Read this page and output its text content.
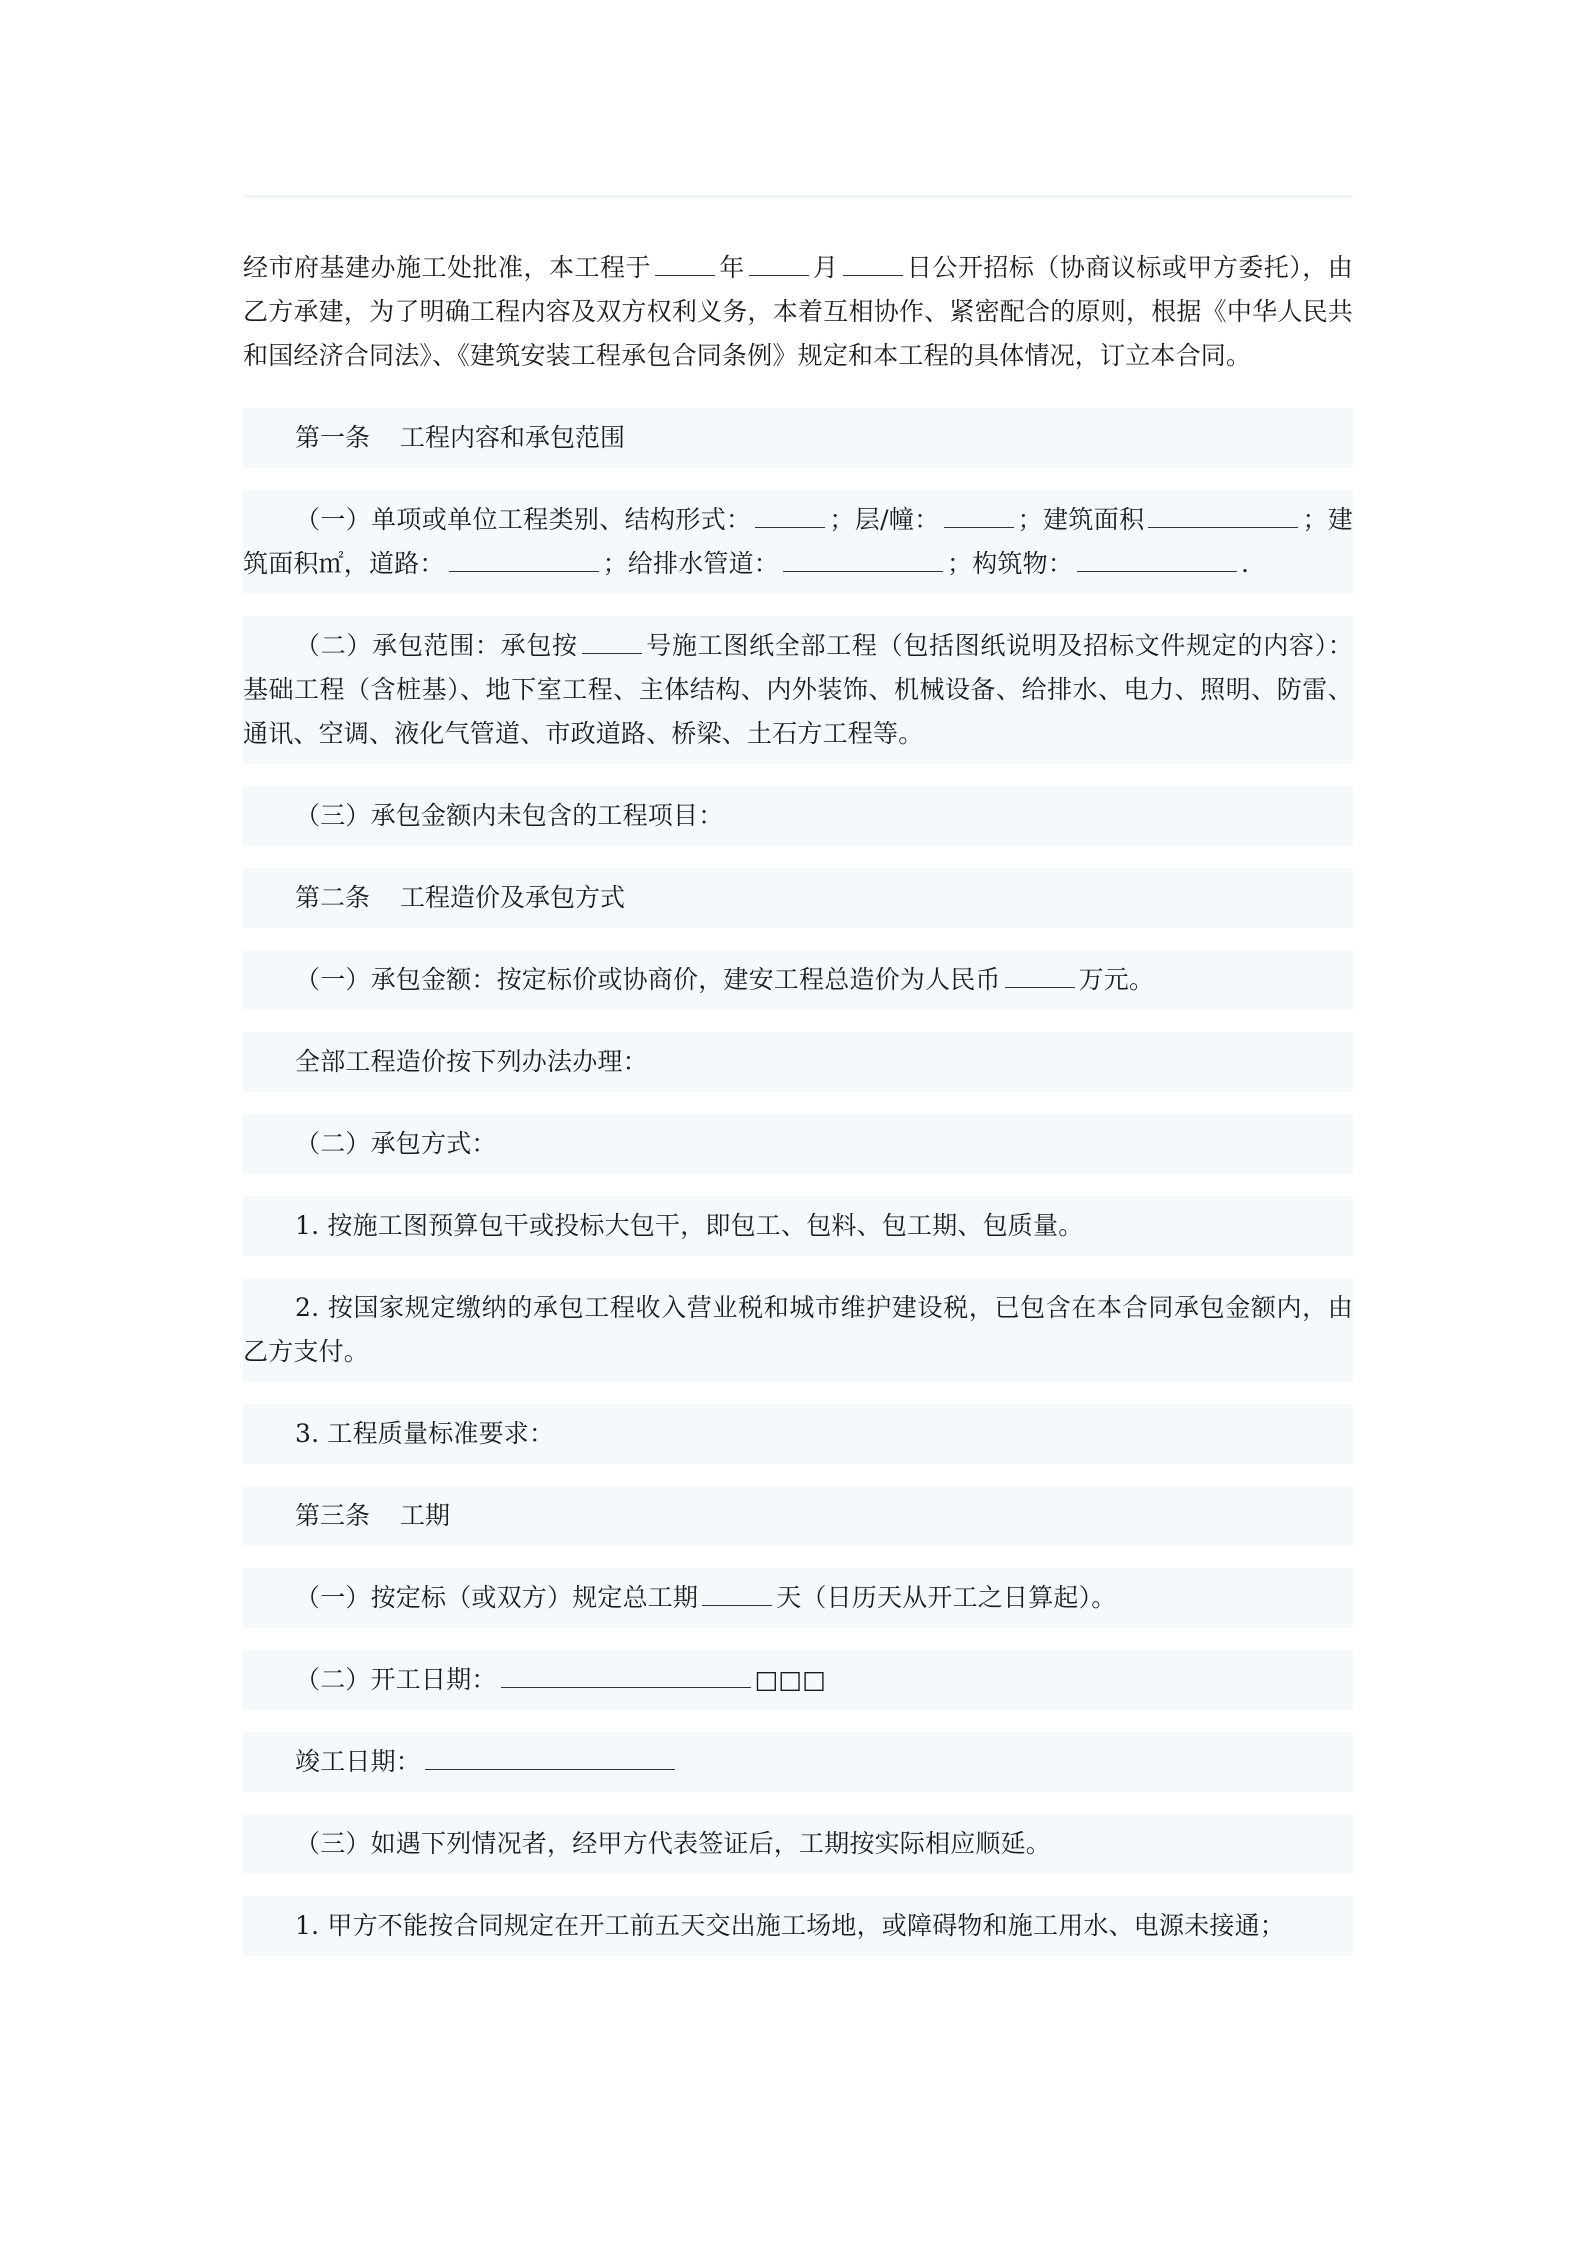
经市府基建办施工处批准，本工程于	年	月	日公开招标（协商议标或甲方委托），由乙方承建，为了明确工程内容及双方权利义务，本着互相协作、紧密配合的原则，根据《中华人民共和国经济合同法》、《建筑安装工程承包合同条例》规定和本工程的具体情况，订立本合同。

第一条 工程内容和承包范围

（一）单项或单位工程类别、结构形式：	；层/幢：	；建筑面积	；建筑面积㎡，道路：	；给排水管道：	；构筑物：	.

（二）承包范围：承包按	号施工图纸全部工程（包括图纸说明及招标文件规定的内容）：基础工程（含桩基）、地下室工程、主体结构、内外装饰、机械设备、给排水、电力、照明、防雷、通讯、空调、液化气管道、市政道路、桥梁、土石方工程等。

（三）承包金额内未包含的工程项目：

第二条 工程造价及承包方式

（一）承包金额：按定标价或协商价，建安工程总造价为人民币	万元。

全部工程造价按下列办法办理：

（二）承包方式：

1. 按施工图预算包干或投标大包干，即包工、包料、包工期、包质量。

2. 按国家规定缴纳的承包工程收入营业税和城市维护建设税，已包含在本合同承包金额内，由乙方支付。

3. 工程质量标准要求：

第三条 工期

（一）按定标（或双方）规定总工期	天（日历天从开工之日算起）。

（二）开工日期：	□□□

竣工日期：

（三）如遇下列情况者，经甲方代表签证后，工期按实际相应顺延。

1. 甲方不能按合同规定在开工前五天交出施工场地，或障碍物和施工用水、电源未接通；
